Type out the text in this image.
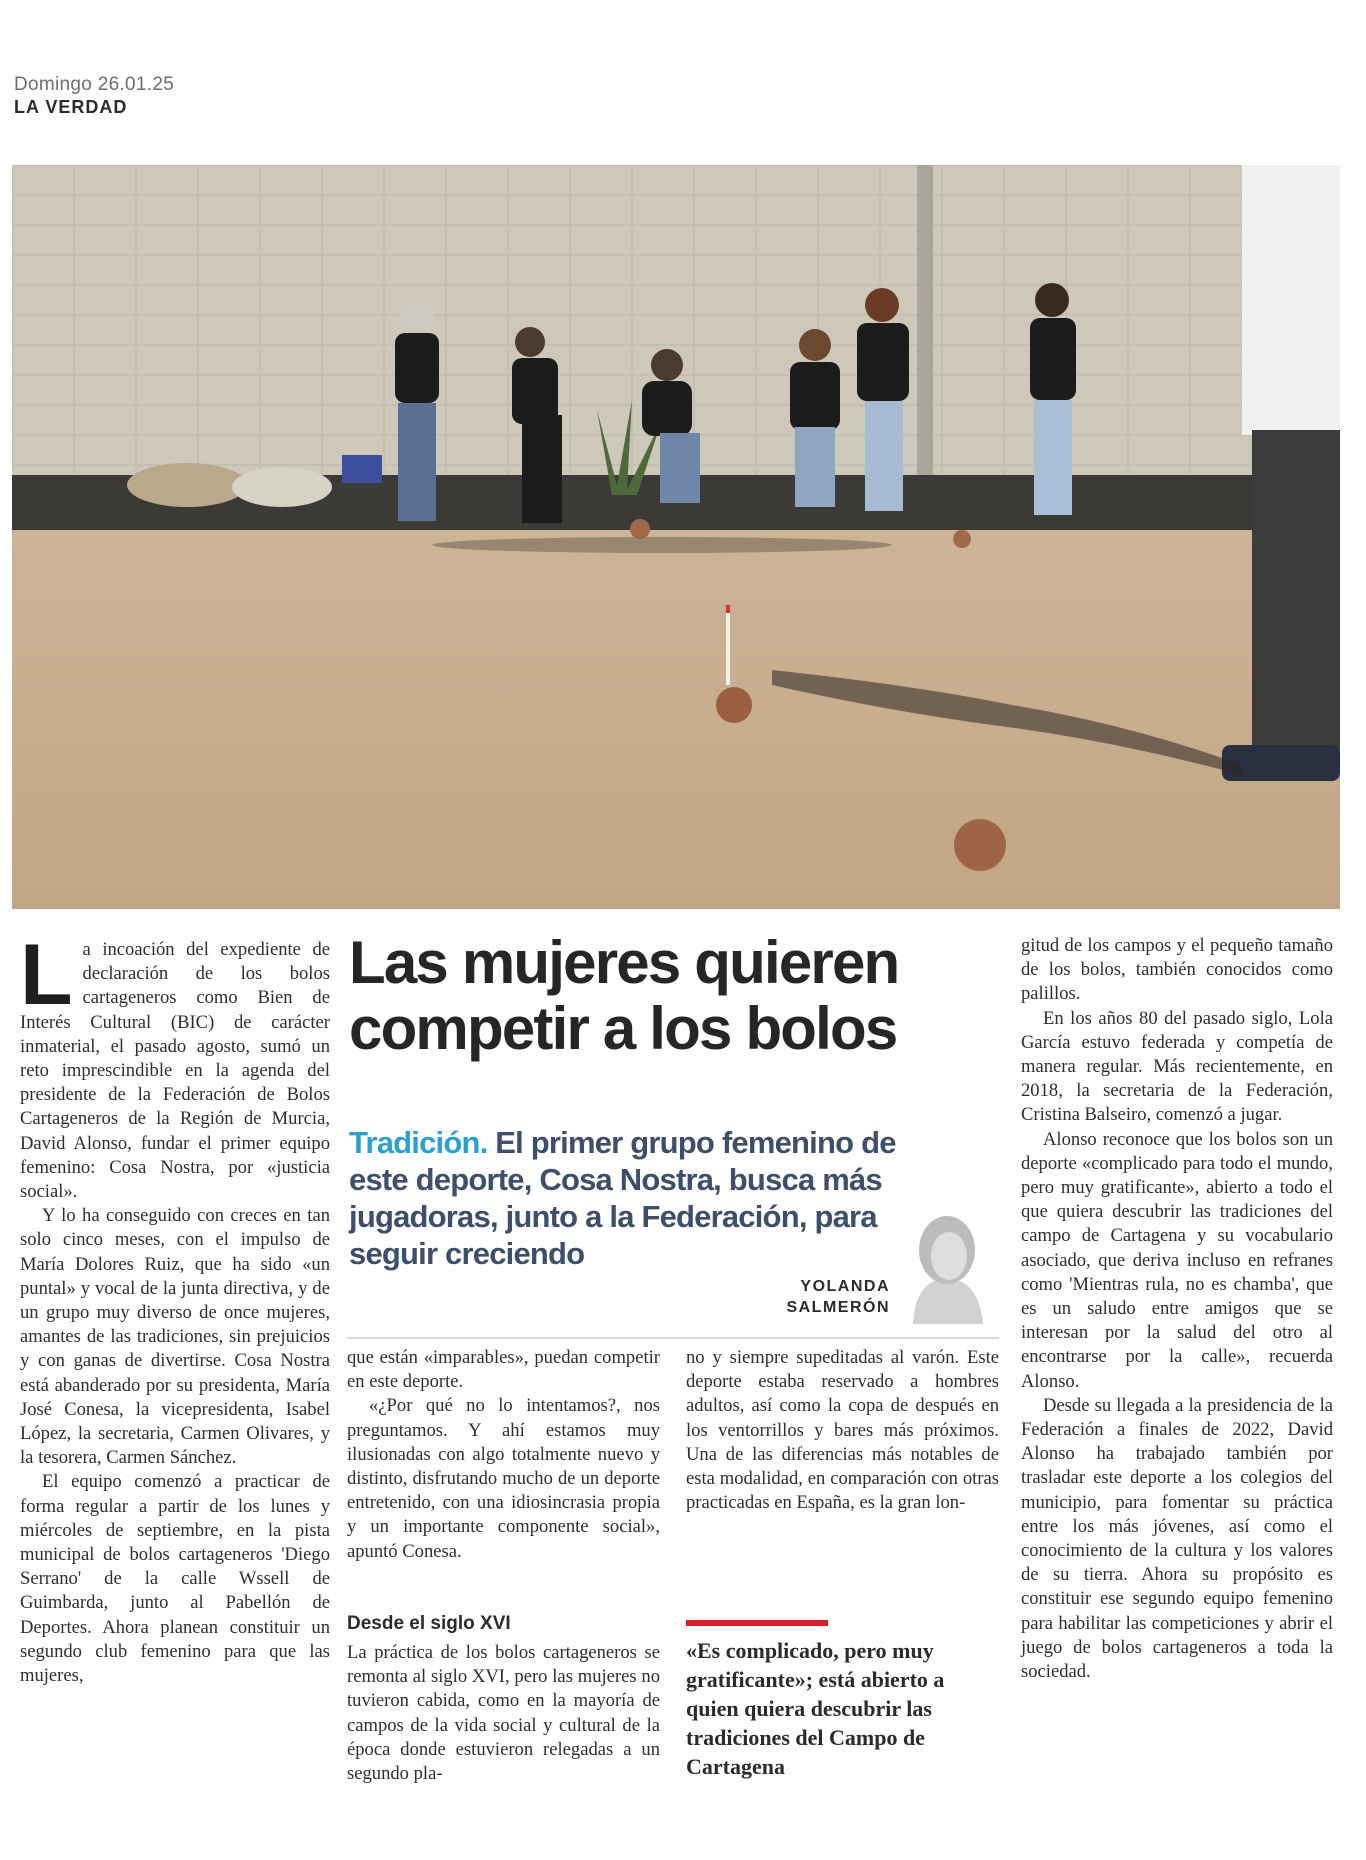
Domingo 26.01.25
LA VERDAD
L a incoación del expediente de declaración de los bolos cartageneros como Bien de Interés Cultural (BIC) de carácter inmaterial, el pasado agosto, sumó un reto imprescindible en la agenda del presidente de la Federación de Bolos Cartageneros de la Región de Murcia, David Alonso, fundar el primer equipo femenino: Cosa Nostra, por «justicia social».

Y lo ha conseguido con creces en tan solo cinco meses, con el impulso de María Dolores Ruiz, que ha sido «un puntal» y vocal de la junta directiva, y de un grupo muy diverso de once mujeres, amantes de las tradiciones, sin prejuicios y con ganas de divertirse. Cosa Nostra está abanderado por su presidenta, María José Conesa, la vicepresidenta, Isabel López, la secretaria, Carmen Olivares, y la tesorera, Carmen Sánchez.

El equipo comenzó a practicar de forma regular a partir de los lunes y miércoles de septiembre, en la pista municipal de bolos cartageneros 'Diego Serrano' de la calle Wssell de Guimbarda, junto al Pabellón de Deportes. Ahora planean constituir un segundo club femenino para que las mujeres,

Las mujeres quieren competir a los bolos
Tradición. El primer grupo femenino de este deporte, Cosa Nostra, busca más jugadoras, junto a la Federación, para seguir creciendo
YOLANDA
SALMERÓN

que están «imparables», puedan competir en este deporte.

«¿Por qué no lo intentamos?, nos preguntamos. Y ahí estamos muy ilusionadas con algo totalmente nuevo y distinto, disfrutando mucho de un deporte entretenido, con una idiosincrasia propia y un importante componente social», apuntó Conesa.

Desde el siglo XVI

La práctica de los bolos cartageneros se remonta al siglo XVI, pero las mujeres no tuvieron cabida, como en la mayoría de campos de la vida social y cultural de la época donde estuvieron relegadas a un segundo pla-

no y siempre supeditadas al varón. Este deporte estaba reservado a hombres adultos, así como la copa de después en los ventorrillos y bares más próximos. Una de las diferencias más notables de esta modalidad, en comparación con otras practicadas en España, es la gran lon-

«Es complicado, pero muy gratificante»; está abierto a quien quiera descubrir las tradiciones del Campo de Cartagena

gitud de los campos y el pequeño tamaño de los bolos, también conocidos como palillos.

En los años 80 del pasado siglo, Lola García estuvo federada y competía de manera regular. Más recientemente, en 2018, la secretaria de la Federación, Cristina Balseiro, comenzó a jugar.

Alonso reconoce que los bolos son un deporte «complicado para todo el mundo, pero muy gratificante», abierto a todo el que quiera descubrir las tradiciones del campo de Cartagena y su vocabulario asociado, que deriva incluso en refranes como 'Mientras rula, no es chamba', que es un saludo entre amigos que se interesan por la salud del otro al encontrarse por la calle», recuerda Alonso.

Desde su llegada a la presidencia de la Federación a finales de 2022, David Alonso ha trabajado también por trasladar este deporte a los colegios del municipio, para fomentar su práctica entre los más jóvenes, así como el conocimiento de la cultura y los valores de su tierra. Ahora su propósito es constituir ese segundo equipo femenino para habilitar las competiciones y abrir el juego de bolos cartageneros a toda la sociedad.
